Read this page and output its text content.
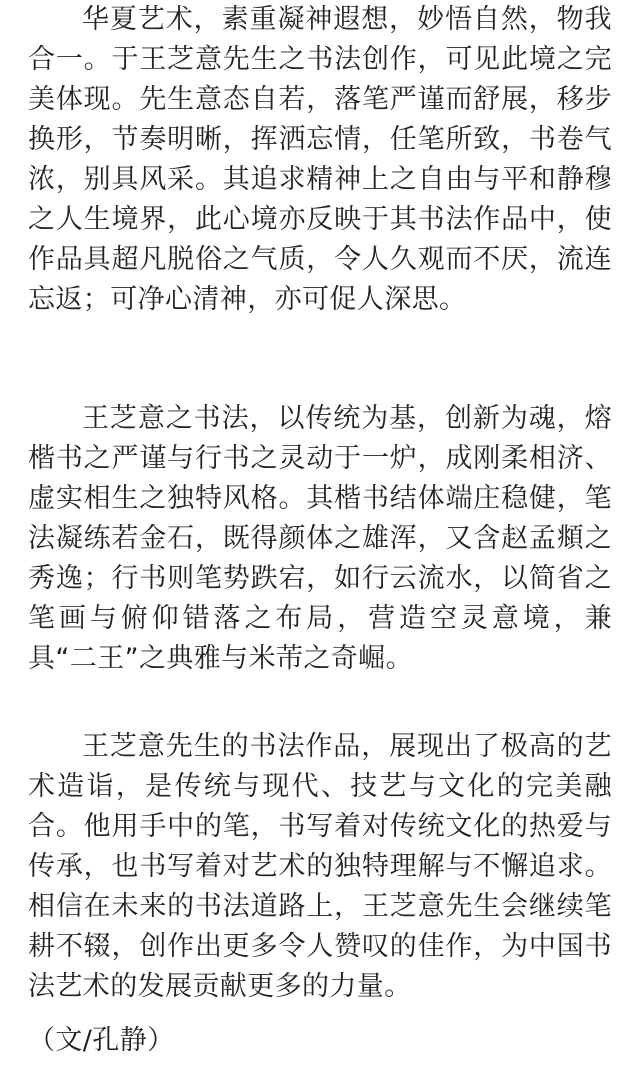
华夏艺术，素重凝神遐想，妙悟自然，物我合一。于王芝意先生之书法创作，可见此境之完美体现。先生意态自若，落笔严谨而舒展，移步换形，节奏明晰，挥洒忘情，任笔所致，书卷气浓，别具风采。其追求精神上之自由与平和静穆之人生境界，此心境亦反映于其书法作品中，使作品具超凡脱俗之气质，令人久观而不厌，流连忘返；可净心清神，亦可促人深思。

王芝意之书法，以传统为基，创新为魂，熔楷书之严谨与行书之灵动于一炉，成刚柔相济、虚实相生之独特风格。其楷书结体端庄稳健，笔法凝练若金石，既得颜体之雄浑，又含赵孟頫之秀逸；行书则笔势跌宕，如行云流水，以简省之笔画与俯仰错落之布局，营造空灵意境，兼具“二王”之典雅与米芾之奇崛。

王芝意先生的书法作品，展现出了极高的艺术造诣，是传统与现代、技艺与文化的完美融合。他用手中的笔，书写着对传统文化的热爱与传承，也书写着对艺术的独特理解与不懈追求。相信在未来的书法道路上，王芝意先生会继续笔耕不辍，创作出更多令人赞叹的佳作，为中国书法艺术的发展贡献更多的力量。

（文/孔静）
